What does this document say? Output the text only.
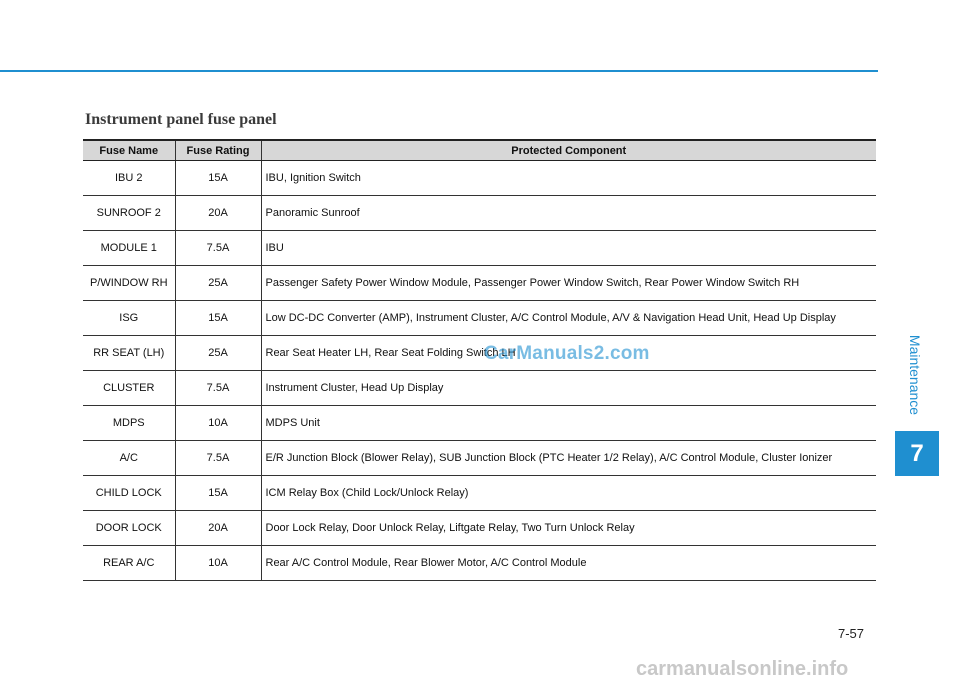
Instrument panel fuse panel
Fuse Name	Fuse Rating	Protected Component
IBU 2	15A	IBU, Ignition Switch
SUNROOF 2	20A	Panoramic Sunroof
MODULE 1	7.5A	IBU
P/WINDOW RH	25A	Passenger Safety Power Window Module, Passenger Power Window Switch, Rear Power Window Switch RH
ISG	15A	Low DC-DC Converter (AMP), Instrument Cluster, A/C Control Module, A/V & Navigation Head Unit, Head Up Display
RR SEAT (LH)	25A	Rear Seat Heater LH, Rear Seat Folding Switch LH
CLUSTER	7.5A	Instrument Cluster, Head Up Display
MDPS	10A	MDPS Unit
A/C	7.5A	E/R Junction Block (Blower Relay), SUB Junction Block (PTC Heater 1/2 Relay), A/C Control Module, Cluster Ionizer
CHILD LOCK	15A	ICM Relay Box (Child Lock/Unlock Relay)
DOOR LOCK	20A	Door Lock Relay, Door Unlock Relay, Liftgate Relay, Two Turn Unlock Relay
REAR A/C	10A	Rear A/C Control Module, Rear Blower Motor, A/C Control Module
CarManuals2.com	Maintenance
7
7-57
carmanualsonline.info
